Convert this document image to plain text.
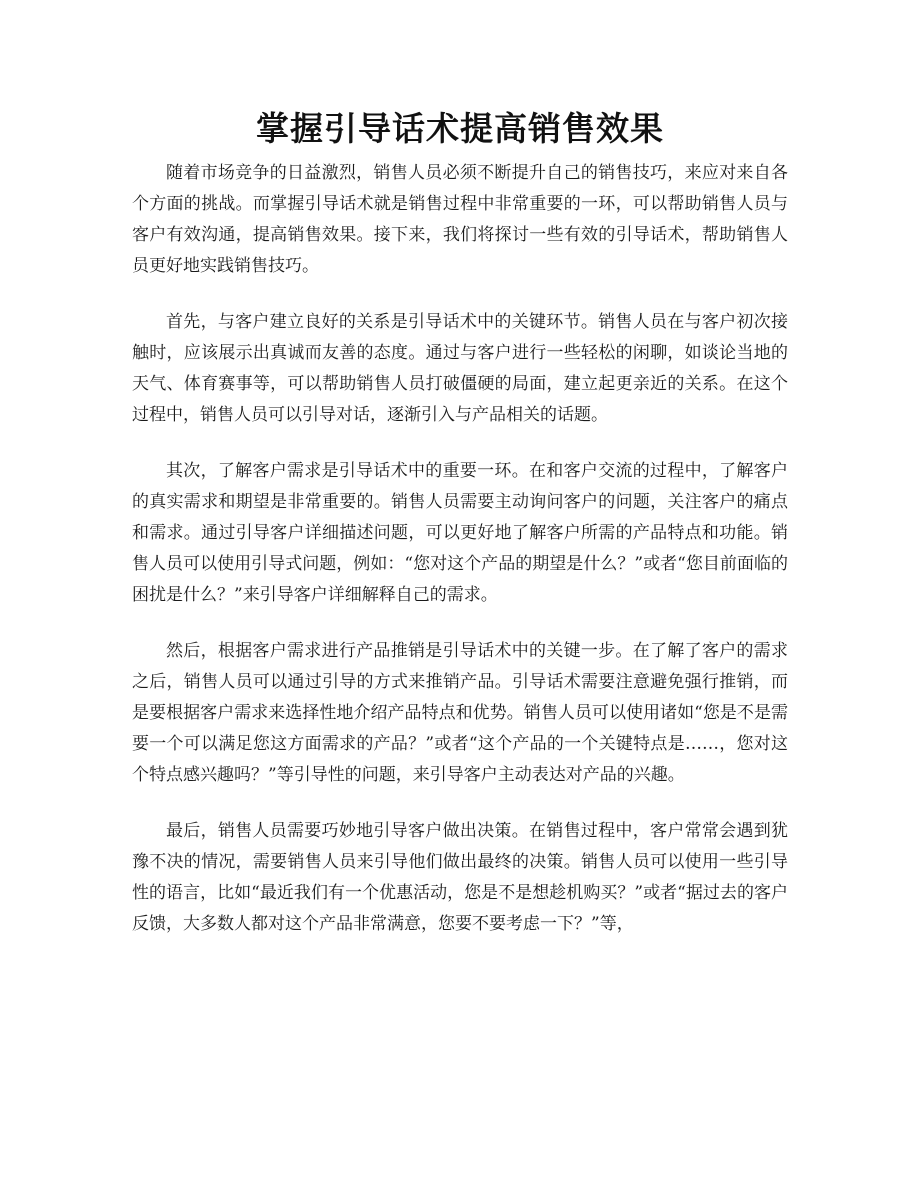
掌握引导话术提高销售效果

随着市场竞争的日益激烈，销售人员必须不断提升自己的销售技巧，来应对来自各个方面的挑战。而掌握引导话术就是销售过程中非常重要的一环，可以帮助销售人员与客户有效沟通，提高销售效果。接下来，我们将探讨一些有效的引导话术，帮助销售人员更好地实践销售技巧。

首先，与客户建立良好的关系是引导话术中的关键环节。销售人员在与客户初次接触时，应该展示出真诚而友善的态度。通过与客户进行一些轻松的闲聊，如谈论当地的天气、体育赛事等，可以帮助销售人员打破僵硬的局面，建立起更亲近的关系。在这个过程中，销售人员可以引导对话，逐渐引入与产品相关的话题。

其次，了解客户需求是引导话术中的重要一环。在和客户交流的过程中，了解客户的真实需求和期望是非常重要的。销售人员需要主动询问客户的问题，关注客户的痛点和需求。通过引导客户详细描述问题，可以更好地了解客户所需的产品特点和功能。销售人员可以使用引导式问题，例如：“您对这个产品的期望是什么？”或者“您目前面临的困扰是什么？”来引导客户详细解释自己的需求。

然后，根据客户需求进行产品推销是引导话术中的关键一步。在了解了客户的需求之后，销售人员可以通过引导的方式来推销产品。引导话术需要注意避免强行推销，而是要根据客户需求来选择性地介绍产品特点和优势。销售人员可以使用诸如“您是不是需要一个可以满足您这方面需求的产品？”或者“这个产品的一个关键特点是……，您对这个特点感兴趣吗？”等引导性的问题，来引导客户主动表达对产品的兴趣。

最后，销售人员需要巧妙地引导客户做出决策。在销售过程中，客户常常会遇到犹豫不决的情况，需要销售人员来引导他们做出最终的决策。销售人员可以使用一些引导性的语言，比如“最近我们有一个优惠活动，您是不是想趁机购买？”或者“据过去的客户反馈，大多数人都对这个产品非常满意，您要不要考虑一下？”等，
